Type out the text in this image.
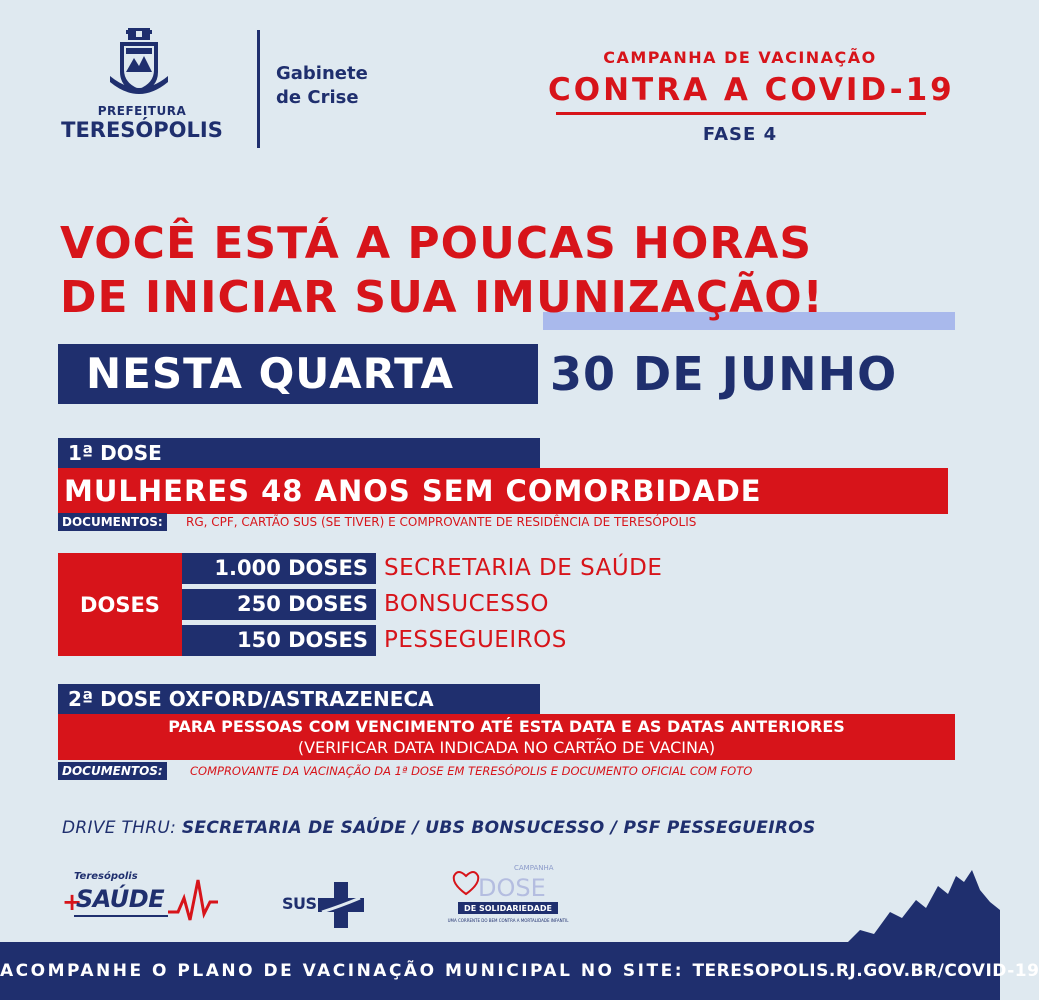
PREFEITURA
TERESÓPOLIS
Gabinete
de Crise
CAMPANHA DE VACINAÇÃO
CONTRA A COVID-19
FASE 4
VOCÊ ESTÁ A POUCAS HORAS
DE INICIAR SUA IMUNIZAÇÃO!
NESTA QUARTA	30 DE JUNHO
1ª DOSE
MULHERES 48 ANOS SEM COMORBIDADE
DOCUMENTOS:	RG, CPF, CARTÃO SUS (SE TIVER) E COMPROVANTE DE RESIDÊNCIA DE TERESÓPOLIS
DOSES
1.000 DOSES SECRETARIA DE SAÚDE
250 DOSES BONSUCESSO
150 DOSES PESSEGUEIROS
2ª DOSE OXFORD/ASTRAZENECA
PARA PESSOAS COM VENCIMENTO ATÉ ESTA DATA E AS DATAS ANTERIORES
(VERIFICAR DATA INDICADA NO CARTÃO DE VACINA)
DOCUMENTOS:	COMPROVANTE DA VACINAÇÃO DA 1ª DOSE EM TERESÓPOLIS E DOCUMENTO OFICIAL COM FOTO
DRIVE THRU: SECRETARIA DE SAÚDE / UBS BONSUCESSO / PSF PESSEGUEIROS
Teresópolis
+
SAÚDE	SUS
CAMPANHA
DOSE
DE SOLIDARIEDADE
UMA CORRENTE DO BEM CONTRA A MORTALIDADE INFANTIL
ACOMPANHE O PLANO DE VACINAÇÃO MUNICIPAL NO SITE: TERESOPOLIS.RJ.GOV.BR/COVID-19
